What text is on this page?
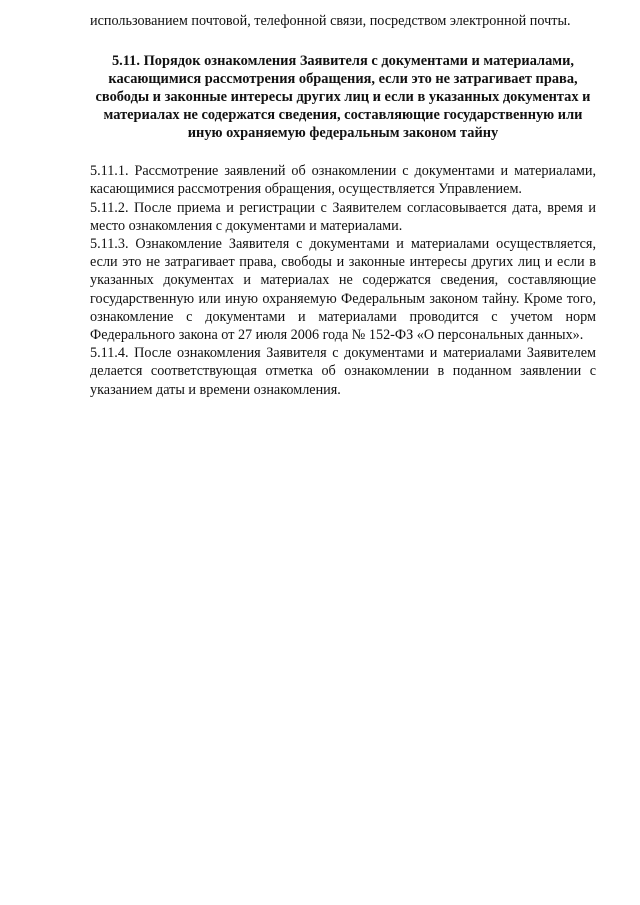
использованием почтовой, телефонной связи, посредством электронной почты.

5.11. Порядок ознакомления Заявителя с документами и материалами, касающимися рассмотрения обращения, если это не затрагивает права, свободы и законные интересы других лиц и если в указанных документах и материалах не содержатся сведения, составляющие государственную или иную охраняемую федеральным законом тайну

5.11.1. Рассмотрение заявлений об ознакомлении с документами и материалами, касающимися рассмотрения обращения, осуществляется Управлением.

5.11.2. После приема и регистрации с Заявителем согласовывается дата, время и место ознакомления с документами и материалами.

5.11.3. Ознакомление Заявителя с документами и материалами осуществляется, если это не затрагивает права, свободы и законные интересы других лиц и если в указанных документах и материалах не содержатся сведения, составляющие государственную или иную охраняемую Федеральным законом тайну. Кроме того, ознакомление с документами и материалами проводится с учетом норм Федерального закона от 27 июля 2006 года № 152-ФЗ «О персональных данных».

5.11.4. После ознакомления Заявителя с документами и материалами Заявителем делается соответствующая отметка об ознакомлении в поданном заявлении с указанием даты и времени ознакомления.
